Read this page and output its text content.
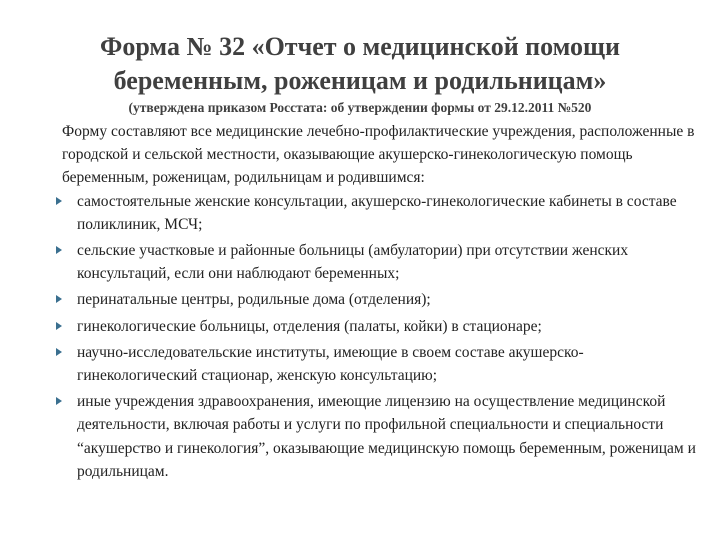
Форма № 32 «Отчет о медицинской помощи
беременным, роженицам и родильницам»
(утверждена приказом Росстата: об утверждении формы от 29.12.2011 №520

Форму составляют все медицинские лечебно-профилактические учреждения, расположенные в городской и сельской местности, оказывающие акушерско-гинекологическую помощь беременным, роженицам, родильницам и родившимся:

самостоятельные женские консультации, акушерско-гинекологические кабинеты в составе поликлиник, МСЧ;
сельские участковые и районные больницы (амбулатории) при отсутствии женских консультаций, если они наблюдают беременных;
перинатальные центры, родильные дома (отделения);
гинекологические больницы, отделения (палаты, койки) в стационаре;
научно-исследовательские институты, имеющие в своем составе акушерско-гинекологический стационар, женскую консультацию;
иные учреждения здравоохранения, имеющие лицензию на осуществление медицинской деятельности, включая работы и услуги по профильной специальности и специальности “акушерство и гинекология”, оказывающие медицинскую помощь беременным, роженицам и родильницам.
